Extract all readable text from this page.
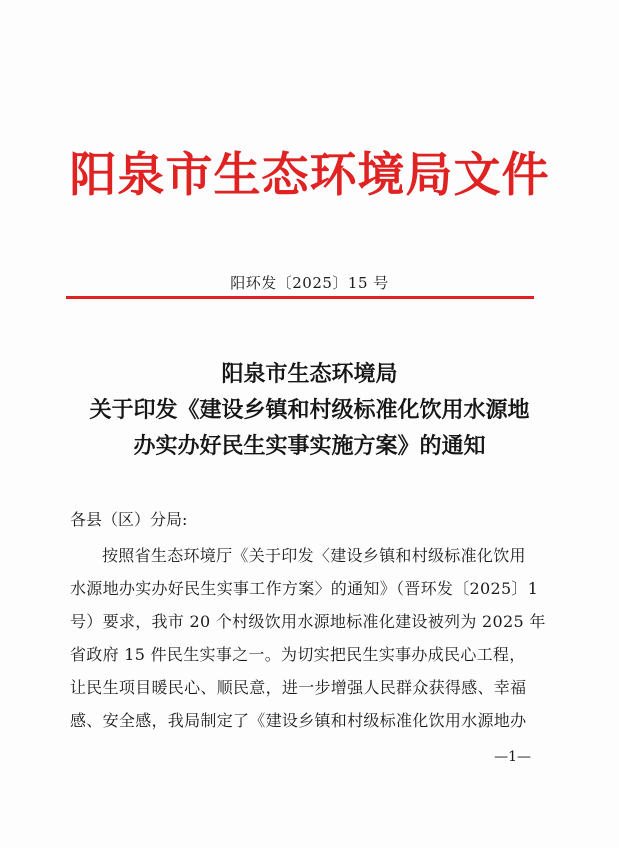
阳泉市生态环境局文件
阳环发〔2025〕15 号
阳泉市生态环境局
关于印发《建设乡镇和村级标准化饮用水源地
办实办好民生实事实施方案》的通知
各县（区）分局:
按照省生态环境厅《关于印发〈建设乡镇和村级标准化饮用
水源地办实办好民生实事工作方案〉的通知》（晋环发〔2025〕1
号）要求，我市 20 个村级饮用水源地标准化建设被列为 2025 年
省政府 15 件民生实事之一。为切实把民生实事办成民心工程，
让民生项目暖民心、顺民意，进一步增强人民群众获得感、幸福
感、安全感，我局制定了《建设乡镇和村级标准化饮用水源地办
—1—
